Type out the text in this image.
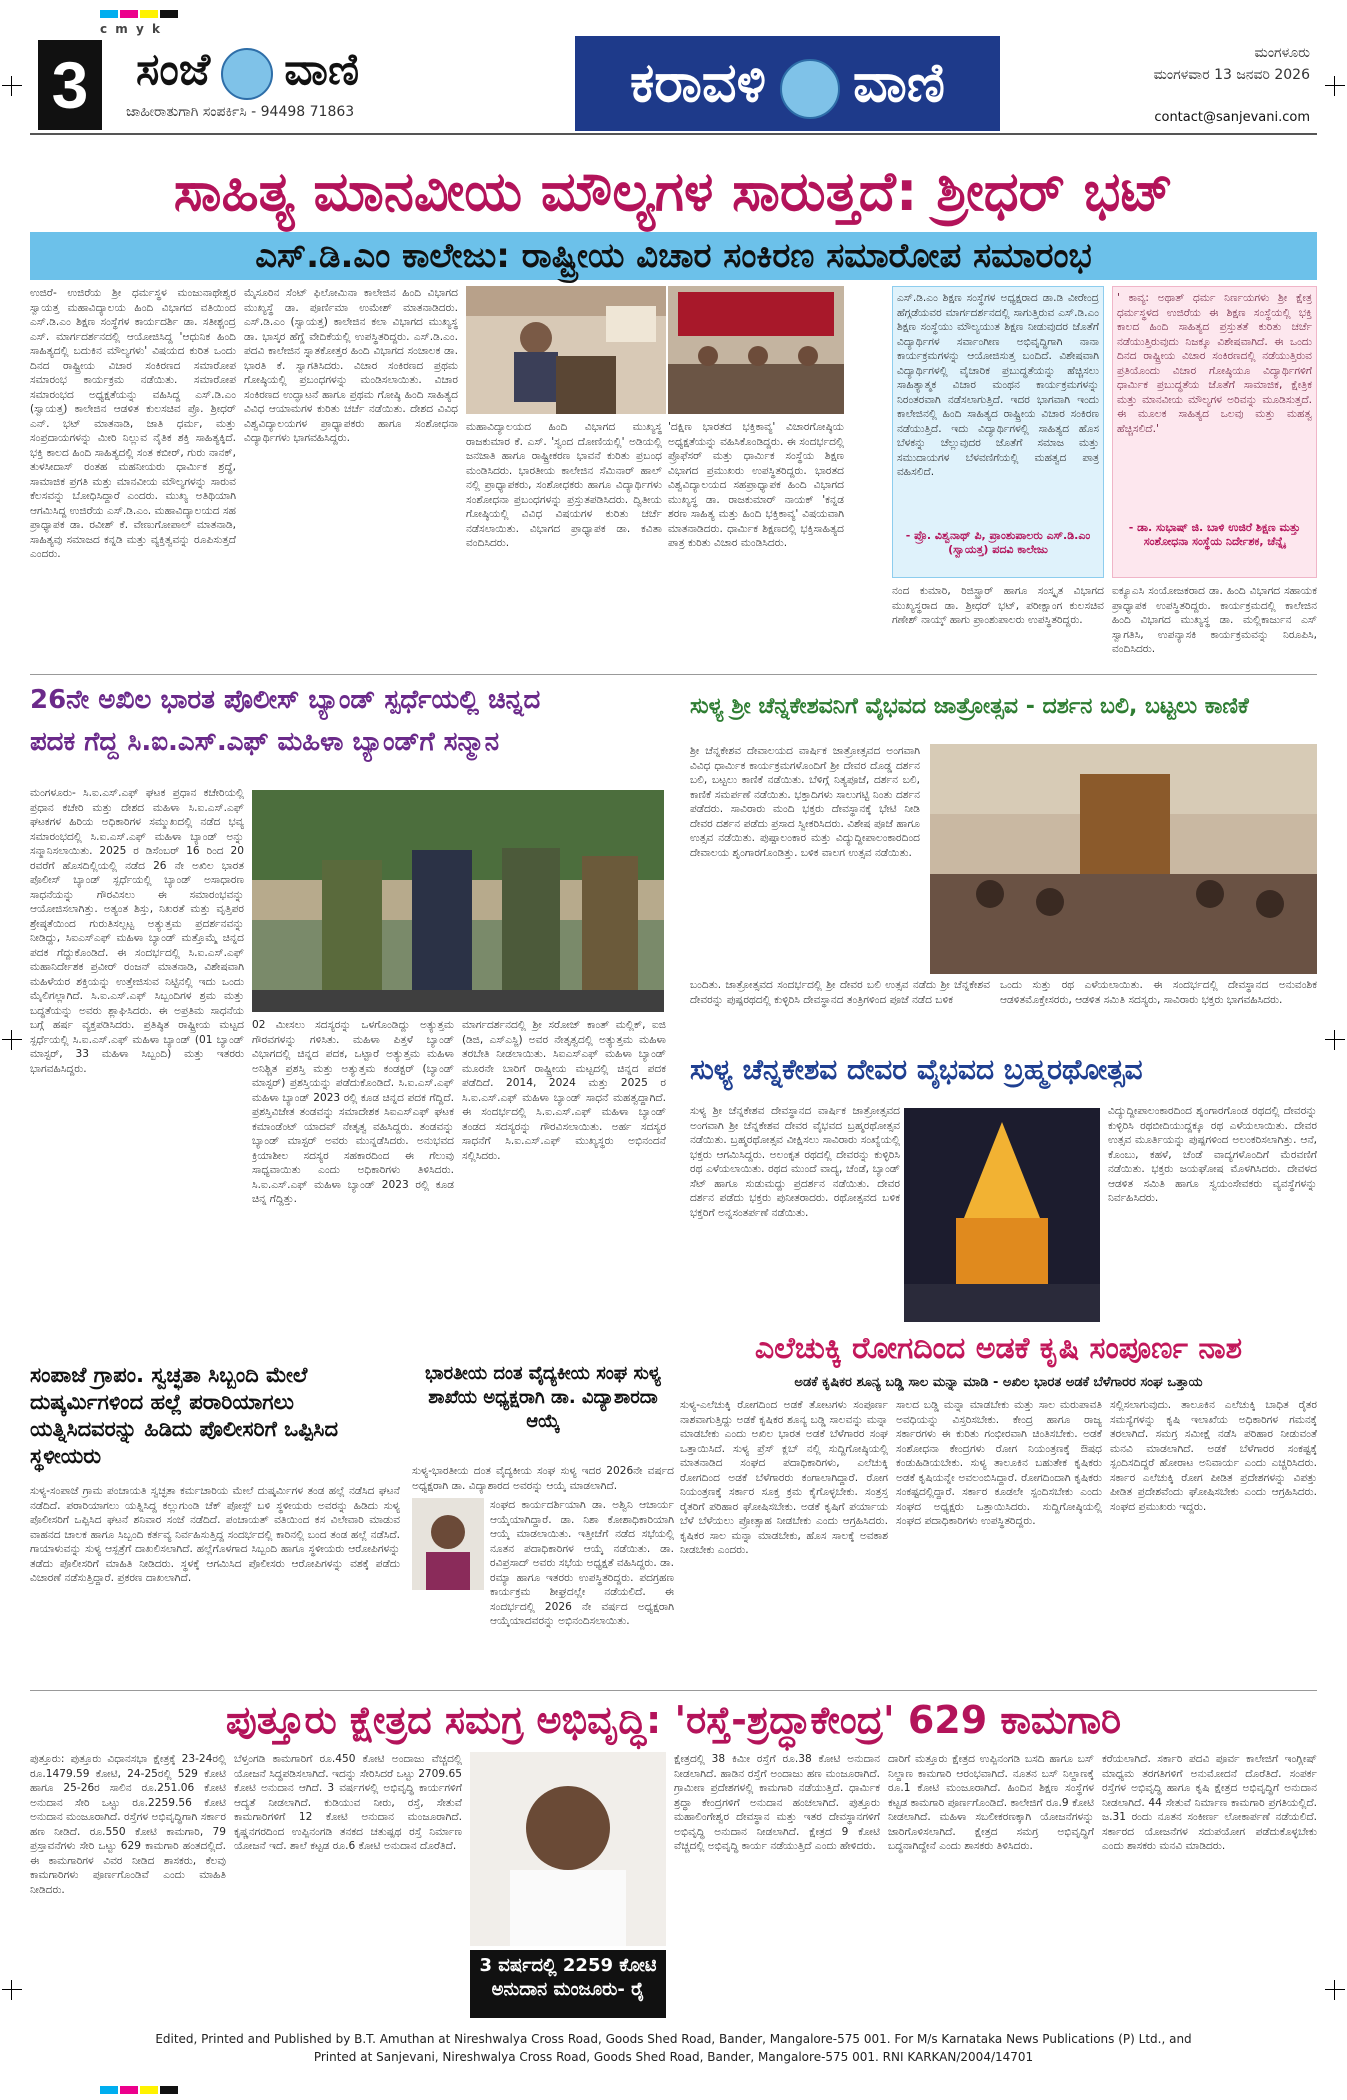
c m y k
3	ಸಂಜೆ ವಾಣಿ
ಜಾಹೀರಾತುಗಾಗಿ ಸಂಪರ್ಕಿಸಿ - 94498 71863	ಕರಾವಳಿ ವಾಣಿ	ಮಂಗಳೂರು
ಮಂಗಳವಾರ 13 ಜನವರಿ 2026
contact@sanjevani.com
ಸಾಹಿತ್ಯ ಮಾನವೀಯ ಮೌಲ್ಯಗಳ ಸಾರುತ್ತದೆ: ಶ್ರೀಧರ್ ಭಟ್
ಎಸ್.ಡಿ.ಎಂ ಕಾಲೇಜು: ರಾಷ್ಟ್ರೀಯ ವಿಚಾರ ಸಂಕಿರಣ ಸಮಾರೋಪ ಸಮಾರಂಭ
ಉಜಿರೆ- ಉಜಿರೆಯ ಶ್ರೀ ಧರ್ಮಸ್ಥಳ ಮಂಜುನಾಥೇಶ್ವರ ಸ್ವಾಯತ್ತ ಮಹಾವಿದ್ಯಾಲಯ ಹಿಂದಿ ವಿಭಾಗದ ವತಿಯಿಂದ ಎಸ್.ಡಿ.ಎಂ ಶಿಕ್ಷಣ ಸಂಸ್ಥೆಗಳ ಕಾರ್ಯದರ್ಶಿ ಡಾ. ಸತೀಶ್ಚಂದ್ರ ಎಸ್. ಮಾರ್ಗದರ್ಶನದಲ್ಲಿ ಆಯೋಜಿಸಿದ್ದ 'ಆಧುನಿಕ ಹಿಂದಿ ಸಾಹಿತ್ಯದಲ್ಲಿ ಬದುಕಿನ ಮೌಲ್ಯಗಳು' ವಿಷಯದ ಕುರಿತ ಒಂದು ದಿನದ ರಾಷ್ಟ್ರೀಯ ವಿಚಾರ ಸಂಕಿರಣದ ಸಮಾರೋಪ ಸಮಾರಂಭ ಕಾರ್ಯಕ್ರಮ ನಡೆಯಿತು. ಸಮಾರೋಪ ಸಮಾರಂಭದ ಅಧ್ಯಕ್ಷತೆಯನ್ನು ವಹಿಸಿದ್ದ ಎಸ್.ಡಿ.ಎಂ (ಸ್ವಾಯತ್ತ) ಕಾಲೇಜಿನ ಆಡಳಿತ ಕುಲಸಚಿವ ಪ್ರೊ. ಶ್ರೀಧರ್ ಎನ್. ಭಟ್ ಮಾತನಾಡಿ, ಜಾತಿ ಧರ್ಮ, ಮತ್ತು ಸಂಪ್ರದಾಯಗಳನ್ನು ಮೀರಿ ನಿಲ್ಲುವ ನೈತಿಕ ಶಕ್ತಿ ಸಾಹಿತ್ಯಕ್ಕಿದೆ. ಭಕ್ತಿ ಕಾಲದ ಹಿಂದಿ ಸಾಹಿತ್ಯದಲ್ಲಿ ಸಂತ ಕಬೀರ್, ಗುರು ನಾನಕ್, ತುಳಸೀದಾಸ್ ರಂತಹ ಮಹನೀಯರು ಧಾರ್ಮಿಕ ಶ್ರದ್ಧೆ, ಸಾಮಾಜಿಕ ಪ್ರಗತಿ ಮತ್ತು ಮಾನವೀಯ ಮೌಲ್ಯಗಳನ್ನು ಸಾರುವ ಕೆಲಸವನ್ನು ಬೋಧಿಸಿದ್ದಾರೆ ಎಂದರು. ಮುಖ್ಯ ಅತಿಥಿಯಾಗಿ ಆಗಮಿಸಿದ್ದ ಉಜಿರೆಯ ಎಸ್.ಡಿ.ಎಂ. ಮಹಾವಿದ್ಯಾಲಯದ ಸಹ ಪ್ರಾಧ್ಯಾಪಕ ಡಾ. ರವೀಶ್ ಕೆ. ವೇಣುಗೋಪಾಲ್ ಮಾತನಾಡಿ, ಸಾಹಿತ್ಯವು ಸಮಾಜದ ಕನ್ನಡಿ ಮತ್ತು ವ್ಯಕ್ತಿತ್ವವನ್ನು ರೂಪಿಸುತ್ತದೆ ಎಂದರು.
ಮೈಸೂರಿನ ಸೆಂಟ್ ಫಿಲೋಮಿನಾ ಕಾಲೇಜಿನ ಹಿಂದಿ ವಿಭಾಗದ ಮುಖ್ಯಸ್ಥೆ ಡಾ. ಪೂರ್ಣಿಮಾ ಉಮೇಶ್ ಮಾತನಾಡಿದರು. ಎಸ್.ಡಿ.ಎಂ (ಸ್ವಾಯತ್ತ) ಕಾಲೇಜಿನ ಕಲಾ ವಿಭಾಗದ ಮುಖ್ಯಸ್ಥ ಡಾ. ಭಾಸ್ಕರ ಹೆಗ್ಡೆ ವೇದಿಕೆಯಲ್ಲಿ ಉಪಸ್ಥಿತರಿದ್ದರು. ಎಸ್.ಡಿ.ಎಂ. ಪದವಿ ಕಾಲೇಜಿನ ಸ್ನಾತಕೋತ್ತರ ಹಿಂದಿ ವಿಭಾಗದ ಸಂಚಾಲಕ ಡಾ. ಭಾರತಿ ಕೆ. ಸ್ವಾಗತಿಸಿದರು. ವಿಚಾರ ಸಂಕಿರಣದ ಪ್ರಥಮ ಗೋಷ್ಠಿಯಲ್ಲಿ ಪ್ರಬಂಧಗಳನ್ನು ಮಂಡಿಸಲಾಯಿತು. ವಿಚಾರ ಸಂಕಿರಣದ ಉದ್ಘಾಟನೆ ಹಾಗೂ ಪ್ರಥಮ ಗೋಷ್ಠಿ ಹಿಂದಿ ಸಾಹಿತ್ಯದ ವಿವಿಧ ಆಯಾಮಗಳ ಕುರಿತು ಚರ್ಚೆ ನಡೆಯಿತು. ದೇಶದ ವಿವಿಧ ವಿಶ್ವವಿದ್ಯಾಲಯಗಳ ಪ್ರಾಧ್ಯಾಪಕರು ಹಾಗೂ ಸಂಶೋಧನಾ ವಿದ್ಯಾರ್ಥಿಗಳು ಭಾಗವಹಿಸಿದ್ದರು.
ಮಹಾವಿದ್ಯಾಲಯದ ಹಿಂದಿ ವಿಭಾಗದ ಮುಖ್ಯಸ್ಥ ರಾಜಕುಮಾರ ಕೆ. ಎಸ್. 'ಸ್ವಂದ ದೋಣಿಯಲ್ಲಿ' ಅಡಿಯಲ್ಲಿ ಜನಜಾತಿ ಹಾಗೂ ರಾಷ್ಟ್ರೀಕರಣ ಭಾವನೆ ಕುರಿತು ಪ್ರಬಂಧ ಮಂಡಿಸಿದರು. ಭಾರತೀಯ ಕಾಲೇಜಿನ ಸೆಮಿನಾರ್ ಹಾಲ್ ನಲ್ಲಿ ಪ್ರಾಧ್ಯಾಪಕರು, ಸಂಶೋಧಕರು ಹಾಗೂ ವಿದ್ಯಾರ್ಥಿಗಳು ಸಂಶೋಧನಾ ಪ್ರಬಂಧಗಳನ್ನು ಪ್ರಸ್ತುತಪಡಿಸಿದರು. ದ್ವಿತೀಯ ಗೋಷ್ಠಿಯಲ್ಲಿ ವಿವಿಧ ವಿಷಯಗಳ ಕುರಿತು ಚರ್ಚೆ ನಡೆಸಲಾಯಿತು. ವಿಭಾಗದ ಪ್ರಾಧ್ಯಾಪಕ ಡಾ. ಕವಿತಾ ವಂದಿಸಿದರು.
'ದಕ್ಷಿಣ ಭಾರತದ ಭಕ್ತಿಕಾವ್ಯ' ವಿಚಾರಗೋಷ್ಠಿಯ ಅಧ್ಯಕ್ಷತೆಯನ್ನು ವಹಿಸಿಕೊಂಡಿದ್ದರು. ಈ ಸಂದರ್ಭದಲ್ಲಿ ಪ್ರೊಫೆಸರ್ ಮತ್ತು ಧಾರ್ಮಿಕ ಸಂಸ್ಥೆಯ ಶಿಕ್ಷಣ ವಿಭಾಗದ ಪ್ರಮುಖರು ಉಪಸ್ಥಿತರಿದ್ದರು. ಭಾರತದ ವಿಶ್ವವಿದ್ಯಾಲಯದ ಸಹಪ್ರಾಧ್ಯಾಪಕ ಹಿಂದಿ ವಿಭಾಗದ ಮುಖ್ಯಸ್ಥ ಡಾ. ರಾಜಕುಮಾರ್ ನಾಯಕ್ 'ಕನ್ನಡ ಶರಣ ಸಾಹಿತ್ಯ ಮತ್ತು ಹಿಂದಿ ಭಕ್ತಿಕಾವ್ಯ' ವಿಷಯವಾಗಿ ಮಾತನಾಡಿದರು. ಧಾರ್ಮಿಕ ಶಿಕ್ಷಣದಲ್ಲಿ ಭಕ್ತಿಸಾಹಿತ್ಯದ ಪಾತ್ರ ಕುರಿತು ವಿಚಾರ ಮಂಡಿಸಿದರು.
ಎಸ್.ಡಿ.ಎಂ ಶಿಕ್ಷಣ ಸಂಸ್ಥೆಗಳ ಅಧ್ಯಕ್ಷರಾದ ಡಾ.ಡಿ ವೀರೇಂದ್ರ ಹೆಗ್ಗಡೆಯವರ ಮಾರ್ಗದರ್ಶನದಲ್ಲಿ ಸಾಗುತ್ತಿರುವ ಎಸ್.ಡಿ.ಎಂ ಶಿಕ್ಷಣ ಸಂಸ್ಥೆಯು ಮೌಲ್ಯಯುತ ಶಿಕ್ಷಣ ನೀಡುವುದರ ಜೊತೆಗೆ ವಿದ್ಯಾರ್ಥಿಗಳ ಸರ್ವಾಂಗೀಣ ಅಭಿವೃದ್ಧಿಗಾಗಿ ನಾನಾ ಕಾರ್ಯಕ್ರಮಗಳನ್ನು ಆಯೋಜಿಸುತ್ತ ಬಂದಿದೆ. ವಿಶೇಷವಾಗಿ ವಿದ್ಯಾರ್ಥಿಗಳಲ್ಲಿ ವೈಚಾರಿಕ ಪ್ರಬುದ್ಧತೆಯನ್ನು ಹೆಚ್ಚಿಸಲು ಸಾಹಿತ್ಯಾತ್ಮಕ ವಿಚಾರ ಮಂಥನ ಕಾರ್ಯಕ್ರಮಗಳನ್ನು ನಿರಂತರವಾಗಿ ನಡೆಸಲಾಗುತ್ತಿದೆ. ಇದರ ಭಾಗವಾಗಿ ಇಂದು ಕಾಲೇಜಿನಲ್ಲಿ ಹಿಂದಿ ಸಾಹಿತ್ಯದ ರಾಷ್ಟ್ರೀಯ ವಿಚಾರ ಸಂಕಿರಣ ನಡೆಯುತ್ತಿದೆ. ಇದು ವಿದ್ಯಾರ್ಥಿಗಳಲ್ಲಿ ಸಾಹಿತ್ಯದ ಹೊಸ ಬೆಳಕನ್ನು ಚೆಲ್ಲುವುದರ ಜೊತೆಗೆ ಸಮಾಜ ಮತ್ತು ಸಮುದಾಯಗಳ ಬೆಳವಣಿಗೆಯಲ್ಲಿ ಮಹತ್ವದ ಪಾತ್ರ ವಹಿಸಲಿದೆ.
- ಪ್ರೊ. ವಿಶ್ವನಾಥ್ ಪಿ, ಪ್ರಾಂಶುಪಾಲರು ಎಸ್.ಡಿ.ಎಂ (ಸ್ವಾಯತ್ತ) ಪದವಿ ಕಾಲೇಜು
' ಕಾವ್ಯ: ಅಥಾತ್ ಧರ್ಮ ನಿರ್ಣಯಗಳು ಶ್ರೀ ಕ್ಷೇತ್ರ ಧರ್ಮಸ್ಥಳದ ಉಜಿರೆಯ ಈ ಶಿಕ್ಷಣ ಸಂಸ್ಥೆಯಲ್ಲಿ ಭಕ್ತಿ ಕಾಲದ ಹಿಂದಿ ಸಾಹಿತ್ಯದ ಪ್ರಸ್ತುತತೆ ಕುರಿತು ಚರ್ಚೆ ನಡೆಯುತ್ತಿರುವುದು ನಿಜಕ್ಕೂ ವಿಶೇಷವಾಗಿದೆ. ಈ ಒಂದು ದಿನದ ರಾಷ್ಟ್ರೀಯ ವಿಚಾರ ಸಂಕಿರಣದಲ್ಲಿ ನಡೆಯುತ್ತಿರುವ ಪ್ರತಿಯೊಂದು ವಿಚಾರ ಗೋಷ್ಠಿಯೂ ವಿದ್ಯಾರ್ಥಿಗಳಿಗೆ ಧಾರ್ಮಿಕ ಪ್ರಬುದ್ಧತೆಯ ಜೊತೆಗೆ ಸಾಮಾಜಿಕ, ಕ್ಷೇತ್ರಿಕ ಮತ್ತು ಮಾನವೀಯ ಮೌಲ್ಯಗಳ ಅರಿವನ್ನು ಮೂಡಿಸುತ್ತದೆ. ಈ ಮೂಲಕ ಸಾಹಿತ್ಯದ ಒಲವು ಮತ್ತು ಮಹತ್ವ ಹೆಚ್ಚಿಸಲಿದೆ.'
- ಡಾ. ಸುಭಾಷ್ ಜಿ. ಬಾಳಿ ಉಜಿರೆ ಶಿಕ್ಷಣ ಮತ್ತು ಸಂಶೋಧನಾ ಸಂಸ್ಥೆಯ ನಿರ್ದೇಶಕ, ಚೆನ್ನೈ
ನಂದ ಕುಮಾರಿ, ರಿಜಿಸ್ಟ್ರಾರ್ ಹಾಗೂ ಸಂಸ್ಕೃತ ವಿಭಾಗದ ಮುಖ್ಯಸ್ಥರಾದ ಡಾ. ಶ್ರೀಧರ್ ಭಟ್, ಪರೀಕ್ಷಾಂಗ ಕುಲಸಚಿವ ಗಣೇಶ್ ನಾಯ್ಕ್ ಹಾಗು ಪ್ರಾಂಶುಪಾಲರು ಉಪಸ್ಥಿತರಿದ್ದರು.
ಐಕ್ಯೂಎಸಿ ಸಂಯೋಜಕರಾದ ಡಾ. ಹಿಂದಿ ವಿಭಾಗದ ಸಹಾಯಕ ಪ್ರಾಧ್ಯಾಪಕ ಉಪಸ್ಥಿತರಿದ್ದರು. ಕಾರ್ಯಕ್ರಮದಲ್ಲಿ ಕಾಲೇಜಿನ ಹಿಂದಿ ವಿಭಾಗದ ಮುಖ್ಯಸ್ಥ ಡಾ. ಮಲ್ಲಿಕಾರ್ಜುನ ಎಸ್ ಸ್ವಾಗತಿಸಿ, ಉಪನ್ಯಾಸಕಿ ಕಾರ್ಯಕ್ರಮವನ್ನು ನಿರೂಪಿಸಿ, ವಂದಿಸಿದರು.
26ನೇ ಅಖಿಲ ಭಾರತ ಪೊಲೀಸ್ ಬ್ಯಾಂಡ್ ಸ್ಪರ್ಧೆಯಲ್ಲಿ ಚಿನ್ನದ
ಪದಕ ಗೆದ್ದ ಸಿ.ಐ.ಎಸ್.ಎಫ್ ಮಹಿಳಾ ಬ್ಯಾಂಡ್‌ಗೆ ಸನ್ಮಾನ
ಮಂಗಳೂರು- ಸಿ.ಐ.ಎಸ್.ಎಫ್ ಘಟಕ ಪ್ರಧಾನ ಕಚೇರಿಯಲ್ಲಿ ಪ್ರಧಾನ ಕಚೇರಿ ಮತ್ತು ದೇಶದ ಮಹಿಳಾ ಸಿ.ಐ.ಎಸ್.ಎಫ್ ಘಟಕಗಳ ಹಿರಿಯ ಅಧಿಕಾರಿಗಳ ಸಮ್ಮುಖದಲ್ಲಿ ನಡೆದ ಭವ್ಯ ಸಮಾರಂಭದಲ್ಲಿ ಸಿ.ಐ.ಎಸ್.ಎಫ್ ಮಹಿಳಾ ಬ್ಯಾಂಡ್ ಅನ್ನು ಸನ್ಮಾನಿಸಲಾಯಿತು. 2025 ರ ಡಿಸೆಂಬರ್ 16 ರಿಂದ 20 ರವರೆಗೆ ಹೊಸದಿಲ್ಲಿಯಲ್ಲಿ ನಡೆದ 26 ನೇ ಅಖಿಲ ಭಾರತ ಪೊಲೀಸ್ ಬ್ಯಾಂಡ್ ಸ್ಪರ್ಧೆಯಲ್ಲಿ ಬ್ಯಾಂಡ್ ಅಸಾಧಾರಣ ಸಾಧನೆಯನ್ನು ಗೌರವಿಸಲು ಈ ಸಮಾರಂಭವನ್ನು ಆಯೋಜಿಸಲಾಗಿತ್ತು. ಅತ್ಯಂತ ಶಿಸ್ತು, ನಿಖರತೆ ಮತ್ತು ವೃತ್ತಿಪರ ಶ್ರೇಷ್ಠತೆಯಿಂದ ಗುರುತಿಸಲ್ಪಟ್ಟ ಅತ್ಯುತ್ತಮ ಪ್ರದರ್ಶನವನ್ನು ನೀಡಿದ್ದು, ಸಿಐಎಸ್ಎಫ್ ಮಹಿಳಾ ಬ್ಯಾಂಡ್ ಮತ್ತೊಮ್ಮೆ ಚಿನ್ನದ ಪದಕ ಗೆದ್ದುಕೊಂಡಿದೆ. ಈ ಸಂದರ್ಭದಲ್ಲಿ ಸಿ.ಐ.ಎಸ್.ಎಫ್ ಮಹಾನಿರ್ದೇಶಕ ಪ್ರವೀರ್ ರಂಜನ್ ಮಾತನಾಡಿ, ವಿಶೇಷವಾಗಿ ಮಹಿಳೆಯರ ಶಕ್ತಿಯನ್ನು ಉತ್ತೇಜಿಸುವ ನಿಟ್ಟಿನಲ್ಲಿ ಇದು ಒಂದು ಮೈಲಿಗಲ್ಲಾಗಿದೆ. ಸಿ.ಐ.ಎಸ್.ಎಫ್ ಸಿಬ್ಬಂದಿಗಳ ಶ್ರಮ ಮತ್ತು ಬದ್ಧತೆಯನ್ನು ಅವರು ಶ್ಲಾಘಿಸಿದರು. ಈ ಅಪ್ರತಿಮ ಸಾಧನೆಯ ಬಗ್ಗೆ ಹರ್ಷ ವ್ಯಕ್ತಪಡಿಸಿದರು. ಪ್ರತಿಷ್ಠಿತ ರಾಷ್ಟ್ರೀಯ ಮಟ್ಟದ ಸ್ಪರ್ಧೆಯಲ್ಲಿ ಸಿ.ಐ.ಎಸ್.ಎಫ್ ಮಹಿಳಾ ಬ್ಯಾಂಡ್ (01 ಬ್ಯಾಂಡ್ ಮಾಸ್ಟರ್, 33 ಮಹಿಳಾ ಸಿಬ್ಬಂದಿ) ಮತ್ತು ಇತರರು ಭಾಗವಹಿಸಿದ್ದರು.
02 ಮೀಸಲು ಸದಸ್ಯರನ್ನು ಒಳಗೊಂಡಿದ್ದು ಅತ್ಯುತ್ತಮ ಗೌರವಗಳನ್ನು ಗಳಿಸಿತು. ಮಹಿಳಾ ಪಿತ್ತಳೆ ಬ್ಯಾಂಡ್ ವಿಭಾಗದಲ್ಲಿ ಚಿನ್ನದ ಪದಕ, ಒಟ್ಟಾರೆ ಅತ್ಯುತ್ತಮ ಮಹಿಳಾ ಅನಿಶ್ಚಿತ ಪ್ರಶಸ್ತಿ ಮತ್ತು ಅತ್ಯುತ್ತಮ ಕಂಡಕ್ಟರ್ (ಬ್ಯಾಂಡ್ ಮಾಸ್ಟರ್) ಪ್ರಶಸ್ತಿಯನ್ನು ಪಡೆದುಕೊಂಡಿದೆ. ಸಿ.ಐ.ಎಸ್.ಎಫ್ ಮಹಿಳಾ ಬ್ಯಾಂಡ್ 2023 ರಲ್ಲಿ ಕೂಡ ಚಿನ್ನದ ಪದಕ ಗೆದ್ದಿದೆ. ಪ್ರಶಸ್ತಿವಿಜೇತ ತಂಡವನ್ನು ಸಮಾದೇಶಕ ಸಿಐಎಸ್ಎಫ್ ಘಟಕ ಕಮಾಂಡೆಂಟ್ ಯಾದವ್ ನೇತೃತ್ವ ವಹಿಸಿದ್ದರು. ತಂಡವನ್ನು ಬ್ಯಾಂಡ್ ಮಾಸ್ಟರ್ ಅವರು ಮುನ್ನಡೆಸಿದರು. ಅನುಭವದ ಕ್ರಿಯಾಶೀಲ ಸದಸ್ಯರ ಸಹಕಾರದಿಂದ ಈ ಗೆಲುವು ಸಾಧ್ಯವಾಯಿತು ಎಂದು ಅಧಿಕಾರಿಗಳು ತಿಳಿಸಿದರು. ಸಿ.ಐ.ಎಸ್.ಎಫ್ ಮಹಿಳಾ ಬ್ಯಾಂಡ್ 2023 ರಲ್ಲಿ ಕೂಡ ಚಿನ್ನ ಗೆದ್ದಿತ್ತು.
ಮಾರ್ಗದರ್ಶನದಲ್ಲಿ ಶ್ರೀ ಸರೋಜ್ ಕಾಂತ್ ಮಲ್ಲಿಕ್, ಐಜಿ (ಡಿಜಿ, ಎಸ್ಎಸ್ಜಿ) ಅವರ ನೇತೃತ್ವದಲ್ಲಿ ಅತ್ಯುತ್ತಮ ಮಹಿಳಾ ತರಬೇತಿ ನೀಡಲಾಯಿತು. ಸಿಐಎಸ್ಎಫ್ ಮಹಿಳಾ ಬ್ಯಾಂಡ್ ಮೂರನೇ ಬಾರಿಗೆ ರಾಷ್ಟ್ರೀಯ ಮಟ್ಟದಲ್ಲಿ ಚಿನ್ನದ ಪದಕ ಪಡೆದಿದೆ. 2014, 2024 ಮತ್ತು 2025 ರ ಸಿ.ಐ.ಎಸ್.ಎಫ್ ಮಹಿಳಾ ಬ್ಯಾಂಡ್ ಸಾಧನೆ ಮಹತ್ವದ್ದಾಗಿದೆ. ಈ ಸಂದರ್ಭದಲ್ಲಿ ಸಿ.ಐ.ಎಸ್.ಎಫ್ ಮಹಿಳಾ ಬ್ಯಾಂಡ್ ತಂಡದ ಸದಸ್ಯರನ್ನು ಗೌರವಿಸಲಾಯಿತು. ಅರ್ಹ ಸದಸ್ಯರ ಸಾಧನೆಗೆ ಸಿ.ಐ.ಎಸ್.ಎಫ್ ಮುಖ್ಯಸ್ಥರು ಅಭಿನಂದನೆ ಸಲ್ಲಿಸಿದರು.
ಸುಳ್ಯ ಶ್ರೀ ಚೆನ್ನಕೇಶವನಿಗೆ ವೈಭವದ ಜಾತ್ರೋತ್ಸವ - ದರ್ಶನ ಬಲಿ, ಬಟ್ಟಲು ಕಾಣಿಕೆ
ಶ್ರೀ ಚೆನ್ನಕೇಶವ ದೇವಾಲಯದ ವಾರ್ಷಿಕ ಜಾತ್ರೋತ್ಸವದ ಅಂಗವಾಗಿ ವಿವಿಧ ಧಾರ್ಮಿಕ ಕಾರ್ಯಕ್ರಮಗಳೊಂದಿಗೆ ಶ್ರೀ ದೇವರ ದೊಡ್ಡ ದರ್ಶನ ಬಲಿ, ಬಟ್ಟಲು ಕಾಣಿಕೆ ನಡೆಯಿತು. ಬೆಳಿಗ್ಗೆ ನಿತ್ಯಪೂಜೆ, ದರ್ಶನ ಬಲಿ, ಕಾಣಿಕೆ ಸಮರ್ಪಣೆ ನಡೆಯಿತು. ಭಕ್ತಾದಿಗಳು ಸಾಲುಗಟ್ಟಿ ನಿಂತು ದರ್ಶನ ಪಡೆದರು. ಸಾವಿರಾರು ಮಂದಿ ಭಕ್ತರು ದೇವಸ್ಥಾನಕ್ಕೆ ಭೇಟಿ ನೀಡಿ ದೇವರ ದರ್ಶನ ಪಡೆದು ಪ್ರಸಾದ ಸ್ವೀಕರಿಸಿದರು. ವಿಶೇಷ ಪೂಜೆ ಹಾಗೂ ಉತ್ಸವ ನಡೆಯಿತು. ಪುಷ್ಪಾಲಂಕಾರ ಮತ್ತು ವಿದ್ಯುದ್ದೀಪಾಲಂಕಾರದಿಂದ ದೇವಾಲಯ ಶೃಂಗಾರಗೊಂಡಿತ್ತು. ಬಳಿಕ ವಾಲಗ ಉತ್ಸವ ನಡೆಯಿತು.
ಬಂದಿತು. ಜಾತ್ರೋತ್ಸವದ ಸಂದರ್ಭದಲ್ಲಿ ಶ್ರೀ ದೇವರ ಬಲಿ ಉತ್ಸವ ನಡೆದು ಶ್ರೀ ಚೆನ್ನಕೇಶವ ದೇವರನ್ನು ಪುಷ್ಪರಥದಲ್ಲಿ ಕುಳ್ಳಿರಿಸಿ ದೇವಸ್ಥಾನದ ತಂತ್ರಿಗಳಿಂದ ಪೂಜೆ ನಡೆದ ಬಳಿಕ
ಒಂದು ಸುತ್ತು ರಥ ಎಳೆಯಲಾಯಿತು. ಈ ಸಂದರ್ಭದಲ್ಲಿ ದೇವಸ್ಥಾನದ ಅನುವಂಶಿಕ ಆಡಳಿತಮೊಕ್ತೇಸರರು, ಆಡಳಿತ ಸಮಿತಿ ಸದಸ್ಯರು, ಸಾವಿರಾರು ಭಕ್ತರು ಭಾಗವಹಿಸಿದರು.
ಸುಳ್ಯ ಚೆನ್ನಕೇಶವ ದೇವರ ವೈಭವದ ಬ್ರಹ್ಮರಥೋತ್ಸವ
ಸುಳ್ಯ ಶ್ರೀ ಚೆನ್ನಕೇಶವ ದೇವಸ್ಥಾನದ ವಾರ್ಷಿಕ ಜಾತ್ರೋತ್ಸವದ ಅಂಗವಾಗಿ ಶ್ರೀ ಚೆನ್ನಕೇಶವ ದೇವರ ವೈಭವದ ಬ್ರಹ್ಮರಥೋತ್ಸವ ನಡೆಯಿತು. ಬ್ರಹ್ಮರಥೋತ್ಸವ ವೀಕ್ಷಿಸಲು ಸಾವಿರಾರು ಸಂಖ್ಯೆಯಲ್ಲಿ ಭಕ್ತರು ಆಗಮಿಸಿದ್ದರು. ಅಲಂಕೃತ ರಥದಲ್ಲಿ ದೇವರನ್ನು ಕುಳ್ಳಿರಿಸಿ ರಥ ಎಳೆಯಲಾಯಿತು. ರಥದ ಮುಂದೆ ವಾದ್ಯ, ಚೆಂಡೆ, ಬ್ಯಾಂಡ್ ಸೆಟ್ ಹಾಗೂ ಸುಡುಮದ್ದು ಪ್ರದರ್ಶನ ನಡೆಯಿತು. ದೇವರ ದರ್ಶನ ಪಡೆದು ಭಕ್ತರು ಪುನೀತರಾದರು. ರಥೋತ್ಸವದ ಬಳಿಕ ಭಕ್ತರಿಗೆ ಅನ್ನಸಂತರ್ಪಣೆ ನಡೆಯಿತು.
ವಿದ್ಯುದ್ದೀಪಾಲಂಕಾರದಿಂದ ಶೃಂಗಾರಗೊಂಡ ರಥದಲ್ಲಿ ದೇವರನ್ನು ಕುಳ್ಳಿರಿಸಿ ರಥಬೀದಿಯುದ್ದಕ್ಕೂ ರಥ ಎಳೆಯಲಾಯಿತು. ದೇವರ ಉತ್ಸವ ಮೂರ್ತಿಯನ್ನು ಪುಷ್ಪಗಳಿಂದ ಅಲಂಕರಿಸಲಾಗಿತ್ತು. ಆನೆ, ಕೊಂಬು, ಕಹಳೆ, ಚೆಂಡೆ ವಾದ್ಯಗಳೊಂದಿಗೆ ಮೆರವಣಿಗೆ ನಡೆಯಿತು. ಭಕ್ತರು ಜಯಘೋಷ ಮೊಳಗಿಸಿದರು. ದೇವಳದ ಆಡಳಿತ ಸಮಿತಿ ಹಾಗೂ ಸ್ವಯಂಸೇವಕರು ವ್ಯವಸ್ಥೆಗಳನ್ನು ನಿರ್ವಹಿಸಿದರು.
ಎಲೆಚುಕ್ಕಿ ರೋಗದಿಂದ ಅಡಕೆ ಕೃಷಿ ಸಂಪೂರ್ಣ ನಾಶ
ಅಡಕೆ ಕೃಷಿಕರ ಶೂನ್ಯ ಬಡ್ಡಿ ಸಾಲ ಮನ್ನಾ ಮಾಡಿ - ಅಖಿಲ ಭಾರತ ಅಡಕೆ ಬೆಳೆಗಾರರ ಸಂಘ ಒತ್ತಾಯ
ಸುಳ್ಯ-ಎಲೆಚುಕ್ಕಿ ರೋಗದಿಂದ ಅಡಕೆ ತೋಟಗಳು ಸಂಪೂರ್ಣ ನಾಶವಾಗುತ್ತಿದ್ದು ಅಡಕೆ ಕೃಷಿಕರ ಶೂನ್ಯ ಬಡ್ಡಿ ಸಾಲವನ್ನು ಮನ್ನಾ ಮಾಡಬೇಕು ಎಂದು ಅಖಿಲ ಭಾರತ ಅಡಕೆ ಬೆಳೆಗಾರರ ಸಂಘ ಒತ್ತಾಯಿಸಿದೆ. ಸುಳ್ಯ ಪ್ರೆಸ್ ಕ್ಲಬ್ ನಲ್ಲಿ ಸುದ್ದಿಗೋಷ್ಠಿಯಲ್ಲಿ ಮಾತನಾಡಿದ ಸಂಘದ ಪದಾಧಿಕಾರಿಗಳು, ಎಲೆಚುಕ್ಕಿ ರೋಗದಿಂದ ಅಡಕೆ ಬೆಳೆಗಾರರು ಕಂಗಾಲಾಗಿದ್ದಾರೆ. ರೋಗ ನಿಯಂತ್ರಣಕ್ಕೆ ಸರ್ಕಾರ ಸೂಕ್ತ ಕ್ರಮ ಕೈಗೊಳ್ಳಬೇಕು. ಸಂತ್ರಸ್ತ ರೈತರಿಗೆ ಪರಿಹಾರ ಘೋಷಿಸಬೇಕು. ಅಡಕೆ ಕೃಷಿಗೆ ಪರ್ಯಾಯ ಬೆಳೆ ಬೆಳೆಯಲು ಪ್ರೋತ್ಸಾಹ ನೀಡಬೇಕು ಎಂದು ಆಗ್ರಹಿಸಿದರು. ಕೃಷಿಕರ ಸಾಲ ಮನ್ನಾ ಮಾಡಬೇಕು, ಹೊಸ ಸಾಲಕ್ಕೆ ಅವಕಾಶ ನೀಡಬೇಕು ಎಂದರು.
ಸಾಲದ ಬಡ್ಡಿ ಮನ್ನಾ ಮಾಡಬೇಕು ಮತ್ತು ಸಾಲ ಮರುಪಾವತಿ ಅವಧಿಯನ್ನು ವಿಸ್ತರಿಸಬೇಕು. ಕೇಂದ್ರ ಹಾಗೂ ರಾಜ್ಯ ಸರ್ಕಾರಗಳು ಈ ಕುರಿತು ಗಂಭೀರವಾಗಿ ಚಿಂತಿಸಬೇಕು. ಅಡಕೆ ಸಂಶೋಧನಾ ಕೇಂದ್ರಗಳು ರೋಗ ನಿಯಂತ್ರಣಕ್ಕೆ ಔಷಧ ಕಂಡುಹಿಡಿಯಬೇಕು. ಸುಳ್ಯ ತಾಲೂಕಿನ ಬಹುತೇಕ ಕೃಷಿಕರು ಅಡಕೆ ಕೃಷಿಯನ್ನೇ ಅವಲಂಬಿಸಿದ್ದಾರೆ. ರೋಗದಿಂದಾಗಿ ಕೃಷಿಕರು ಸಂಕಷ್ಟದಲ್ಲಿದ್ದಾರೆ. ಸರ್ಕಾರ ಕೂಡಲೇ ಸ್ಪಂದಿಸಬೇಕು ಎಂದು ಸಂಘದ ಅಧ್ಯಕ್ಷರು ಒತ್ತಾಯಿಸಿದರು. ಸುದ್ದಿಗೋಷ್ಠಿಯಲ್ಲಿ ಸಂಘದ ಪದಾಧಿಕಾರಿಗಳು ಉಪಸ್ಥಿತರಿದ್ದರು.
ಸಲ್ಲಿಸಲಾಗುವುದು. ತಾಲೂಕಿನ ಎಲೆಚುಕ್ಕಿ ಬಾಧಿತ ರೈತರ ಸಮಸ್ಯೆಗಳನ್ನು ಕೃಷಿ ಇಲಾಖೆಯ ಅಧಿಕಾರಿಗಳ ಗಮನಕ್ಕೆ ತರಲಾಗಿದೆ. ಸಮಗ್ರ ಸಮೀಕ್ಷೆ ನಡೆಸಿ ಪರಿಹಾರ ನೀಡುವಂತೆ ಮನವಿ ಮಾಡಲಾಗಿದೆ. ಅಡಕೆ ಬೆಳೆಗಾರರ ಸಂಕಷ್ಟಕ್ಕೆ ಸ್ಪಂದಿಸದಿದ್ದರೆ ಹೋರಾಟ ಅನಿವಾರ್ಯ ಎಂದು ಎಚ್ಚರಿಸಿದರು. ಸರ್ಕಾರ ಎಲೆಚುಕ್ಕಿ ರೋಗ ಪೀಡಿತ ಪ್ರದೇಶಗಳನ್ನು ವಿಪತ್ತು ಪೀಡಿತ ಪ್ರದೇಶವೆಂದು ಘೋಷಿಸಬೇಕು ಎಂದು ಆಗ್ರಹಿಸಿದರು. ಸಂಘದ ಪ್ರಮುಖರು ಇದ್ದರು.
ಸಂಪಾಜೆ ಗ್ರಾಪಂ. ಸ್ವಚ್ಛತಾ ಸಿಬ್ಬಂದಿ ಮೇಲೆ ದುಷ್ಕರ್ಮಿಗಳಿಂದ ಹಲ್ಲೆ ಪರಾರಿಯಾಗಲು ಯತ್ನಿಸಿದವರನ್ನು ಹಿಡಿದು ಪೊಲೀಸರಿಗೆ ಒಪ್ಪಿಸಿದ ಸ್ಥಳೀಯರು
ಸುಳ್ಯ-ಸಂಪಾಜೆ ಗ್ರಾಮ ಪಂಚಾಯತಿ ಸ್ವಚ್ಛತಾ ಕರ್ಮಚಾರಿಯ ಮೇಲೆ ದುಷ್ಕರ್ಮಿಗಳ ತಂಡ ಹಲ್ಲೆ ನಡೆಸಿದ ಘಟನೆ ನಡೆದಿದೆ. ಪರಾರಿಯಾಗಲು ಯತ್ನಿಸಿದ್ದ ಕಲ್ಲುಗುಂಡಿ ಚೆಕ್ ಪೋಸ್ಟ್ ಬಳಿ ಸ್ಥಳೀಯರು ಅವರನ್ನು ಹಿಡಿದು ಸುಳ್ಯ ಪೊಲೀಸರಿಗೆ ಒಪ್ಪಿಸಿದ ಘಟನೆ ಶನಿವಾರ ಸಂಜೆ ನಡೆದಿದೆ. ಪಂಚಾಯತ್ ವತಿಯಿಂದ ಕಸ ವಿಲೇವಾರಿ ಮಾಡುವ ವಾಹನದ ಚಾಲಕ ಹಾಗೂ ಸಿಬ್ಬಂದಿ ಕರ್ತವ್ಯ ನಿರ್ವಹಿಸುತ್ತಿದ್ದ ಸಂದರ್ಭದಲ್ಲಿ ಕಾರಿನಲ್ಲಿ ಬಂದ ತಂಡ ಹಲ್ಲೆ ನಡೆಸಿದೆ. ಗಾಯಾಳುವನ್ನು ಸುಳ್ಯ ಆಸ್ಪತ್ರೆಗೆ ದಾಖಲಿಸಲಾಗಿದೆ. ಹಲ್ಲೆಗೊಳಗಾದ ಸಿಬ್ಬಂದಿ ಹಾಗೂ ಸ್ಥಳೀಯರು ಆರೋಪಿಗಳನ್ನು ತಡೆದು ಪೊಲೀಸರಿಗೆ ಮಾಹಿತಿ ನೀಡಿದರು. ಸ್ಥಳಕ್ಕೆ ಆಗಮಿಸಿದ ಪೊಲೀಸರು ಆರೋಪಿಗಳನ್ನು ವಶಕ್ಕೆ ಪಡೆದು ವಿಚಾರಣೆ ನಡೆಸುತ್ತಿದ್ದಾರೆ. ಪ್ರಕರಣ ದಾಖಲಾಗಿದೆ.
ಭಾರತೀಯ ದಂತ ವೈದ್ಯಕೀಯ ಸಂಘ ಸುಳ್ಯ ಶಾಖೆಯ ಅಧ್ಯಕ್ಷರಾಗಿ ಡಾ. ವಿದ್ಯಾಶಾರದಾ ಆಯ್ಕೆ
ಸುಳ್ಯ-ಭಾರತೀಯ ದಂತ ವೈದ್ಯಕೀಯ ಸಂಘ ಸುಳ್ಯ ಇದರ 2026ನೇ ವರ್ಷದ ಅಧ್ಯಕ್ಷರಾಗಿ ಡಾ. ವಿದ್ಯಾಶಾರದ ಅವರನ್ನು ಆಯ್ಕೆ ಮಾಡಲಾಗಿದೆ.
ಸಂಘದ ಕಾರ್ಯದರ್ಶಿಯಾಗಿ ಡಾ. ಅಶ್ವಿನಿ ಆಚಾರ್ಯ ಆಯ್ಕೆಯಾಗಿದ್ದಾರೆ. ಡಾ. ನಿಶಾ ಕೋಶಾಧಿಕಾರಿಯಾಗಿ ಆಯ್ಕೆ ಮಾಡಲಾಯಿತು. ಇತ್ತೀಚೆಗೆ ನಡೆದ ಸಭೆಯಲ್ಲಿ ನೂತನ ಪದಾಧಿಕಾರಿಗಳ ಆಯ್ಕೆ ನಡೆಯಿತು. ಡಾ. ರವಿಪ್ರಸಾದ್ ಅವರು ಸಭೆಯ ಅಧ್ಯಕ್ಷತೆ ವಹಿಸಿದ್ದರು. ಡಾ. ರಮ್ಯಾ ಹಾಗೂ ಇತರರು ಉಪಸ್ಥಿತರಿದ್ದರು. ಪದಗ್ರಹಣ ಕಾರ್ಯಕ್ರಮ ಶೀಘ್ರದಲ್ಲೇ ನಡೆಯಲಿದೆ. ಈ ಸಂದರ್ಭದಲ್ಲಿ 2026 ನೇ ವರ್ಷದ ಅಧ್ಯಕ್ಷರಾಗಿ ಆಯ್ಕೆಯಾದವರನ್ನು ಅಭಿನಂದಿಸಲಾಯಿತು.
ಪುತ್ತೂರು ಕ್ಷೇತ್ರದ ಸಮಗ್ರ ಅಭಿವೃದ್ಧಿ: 'ರಸ್ತೆ-ಶ್ರದ್ಧಾಕೇಂದ್ರ' 629 ಕಾಮಗಾರಿ
ಪುತ್ತೂರು: ಪುತ್ತೂರು ವಿಧಾನಸಭಾ ಕ್ಷೇತ್ರಕ್ಕೆ 23-24ರಲ್ಲಿ ರೂ.1479.59 ಕೋಟಿ, 24-25ರಲ್ಲಿ 529 ಕೋಟಿ ಹಾಗೂ 25-26ರ ಸಾಲಿನ ರೂ.251.06 ಕೋಟಿ ಅನುದಾನ ಸೇರಿ ಒಟ್ಟು ರೂ.2259.56 ಕೋಟಿ ಅನುದಾನ ಮಂಜೂರಾಗಿದೆ. ರಸ್ತೆಗಳ ಅಭಿವೃದ್ಧಿಗಾಗಿ ಸರ್ಕಾರ ಹಣ ನೀಡಿದೆ. ರೂ.550 ಕೋಟಿ ಕಾಮಗಾರಿ, 79 ಪ್ರಸ್ತಾವನೆಗಳು ಸೇರಿ ಒಟ್ಟು 629 ಕಾಮಗಾರಿ ಹಂತದಲ್ಲಿದೆ. ಈ ಕಾಮಗಾರಿಗಳ ವಿವರ ನೀಡಿದ ಶಾಸಕರು, ಕೆಲವು ಕಾಮಗಾರಿಗಳು ಪೂರ್ಣಗೊಂಡಿವೆ ಎಂದು ಮಾಹಿತಿ ನೀಡಿದರು.
ಬೆಳ್ತಂಗಡಿ ಕಾಮಗಾರಿಗೆ ರೂ.450 ಕೋಟಿ ಅಂದಾಜು ವೆಚ್ಚದಲ್ಲಿ ಯೋಜನೆ ಸಿದ್ಧಪಡಿಸಲಾಗಿದೆ. ಇದನ್ನು ಸೇರಿಸಿದರೆ ಒಟ್ಟು 2709.65 ಕೋಟಿ ಅನುದಾನ ಆಗಿದೆ. 3 ವರ್ಷಗಳಲ್ಲಿ ಅಭಿವೃದ್ಧಿ ಕಾರ್ಯಗಳಿಗೆ ಆದ್ಯತೆ ನೀಡಲಾಗಿದೆ. ಕುಡಿಯುವ ನೀರು, ರಸ್ತೆ, ಸೇತುವೆ ಕಾಮಗಾರಿಗಳಿಗೆ 12 ಕೋಟಿ ಅನುದಾನ ಮಂಜೂರಾಗಿದೆ. ಕೃಷ್ಣನಗರದಿಂದ ಉಪ್ಪಿನಂಗಡಿ ತನಕದ ಚತುಷ್ಪಥ ರಸ್ತೆ ನಿರ್ಮಾಣ ಯೋಜನೆ ಇದೆ. ಶಾಲೆ ಕಟ್ಟಡ ರೂ.6 ಕೋಟಿ ಅನುದಾನ ದೊರೆತಿದೆ.
3 ವರ್ಷದಲ್ಲಿ 2259 ಕೋಟಿ ಅನುದಾನ ಮಂಜೂರು- ರೈ
ಕ್ಷೇತ್ರದಲ್ಲಿ 38 ಕಿಮೀ ರಸ್ತೆಗೆ ರೂ.38 ಕೋಟಿ ಅನುದಾನ ನೀಡಲಾಗಿದೆ. ಹಾಡಿನ ರಸ್ತೆಗೆ ಅಂದಾಜು ಹಣ ಮಂಜೂರಾಗಿದೆ. ಗ್ರಾಮೀಣ ಪ್ರದೇಶಗಳಲ್ಲಿ ಕಾಮಗಾರಿ ನಡೆಯುತ್ತಿದೆ. ಧಾರ್ಮಿಕ ಶ್ರದ್ಧಾ ಕೇಂದ್ರಗಳಿಗೆ ಅನುದಾನ ಹಂಚಲಾಗಿದೆ. ಪುತ್ತೂರು ಮಹಾಲಿಂಗೇಶ್ವರ ದೇವಸ್ಥಾನ ಮತ್ತು ಇತರ ದೇವಸ್ಥಾನಗಳಿಗೆ ಅಭಿವೃದ್ಧಿ ಅನುದಾನ ನೀಡಲಾಗಿದೆ. ಕ್ಷೇತ್ರದ 9 ಕೋಟಿ ವೆಚ್ಚದಲ್ಲಿ ಅಭಿವೃದ್ಧಿ ಕಾರ್ಯ ನಡೆಯುತ್ತಿದೆ ಎಂದು ಹೇಳಿದರು.
ದಾರಿಗೆ ಮತ್ತೂರು ಕ್ಷೇತ್ರದ ಉಪ್ಪಿನಂಗಡಿ ಬಸದಿ ಹಾಗೂ ಬಸ್ ನಿಲ್ದಾಣ ಕಾಮಗಾರಿ ಆರಂಭವಾಗಿದೆ. ನೂತನ ಬಸ್ ನಿಲ್ದಾಣಕ್ಕೆ ರೂ.1 ಕೋಟಿ ಮಂಜೂರಾಗಿದೆ. ಹಿಂದಿನ ಶಿಕ್ಷಣ ಸಂಸ್ಥೆಗಳ ಕಟ್ಟಡ ಕಾಮಗಾರಿ ಪೂರ್ಣಗೊಂಡಿದೆ. ಕಾಲೇಜಿಗೆ ರೂ.9 ಕೋಟಿ ನೀಡಲಾಗಿದೆ. ಮಹಿಳಾ ಸಬಲೀಕರಣಕ್ಕಾಗಿ ಯೋಜನೆಗಳನ್ನು ಜಾರಿಗೊಳಿಸಲಾಗಿದೆ. ಕ್ಷೇತ್ರದ ಸಮಗ್ರ ಅಭಿವೃದ್ಧಿಗೆ ಬದ್ಧನಾಗಿದ್ದೇನೆ ಎಂದು ಶಾಸಕರು ತಿಳಿಸಿದರು.
ಕರೆಯಲಾಗಿದೆ. ಸರ್ಕಾರಿ ಪದವಿ ಪೂರ್ವ ಕಾಲೇಜಿಗೆ ಇಂಗ್ಲೀಷ್ ಮಾಧ್ಯಮ ತರಗತಿಗಳಿಗೆ ಅನುಮೋದನೆ ದೊರೆತಿದೆ. ಸಂಪರ್ಕ ರಸ್ತೆಗಳ ಅಭಿವೃದ್ಧಿ ಹಾಗೂ ಕೃಷಿ ಕ್ಷೇತ್ರದ ಅಭಿವೃದ್ಧಿಗೆ ಅನುದಾನ ನೀಡಲಾಗಿದೆ. 44 ಸೇತುವೆ ನಿರ್ಮಾಣ ಕಾಮಗಾರಿ ಪ್ರಗತಿಯಲ್ಲಿದೆ. ಜ.31 ರಂದು ನೂತನ ಸಂಕೀರ್ಣ ಲೋಕಾರ್ಪಣೆ ನಡೆಯಲಿದೆ. ಸರ್ಕಾರದ ಯೋಜನೆಗಳ ಸದುಪಯೋಗ ಪಡೆದುಕೊಳ್ಳಬೇಕು ಎಂದು ಶಾಸಕರು ಮನವಿ ಮಾಡಿದರು.
Edited, Printed and Published by B.T. Amuthan at Nireshwalya Cross Road, Goods Shed Road, Bander, Mangalore-575 001. For M/s Karnataka News Publications (P) Ltd., and
Printed at Sanjevani, Nireshwalya Cross Road, Goods Shed Road, Bander, Mangalore-575 001. RNI KARKAN/2004/14701
